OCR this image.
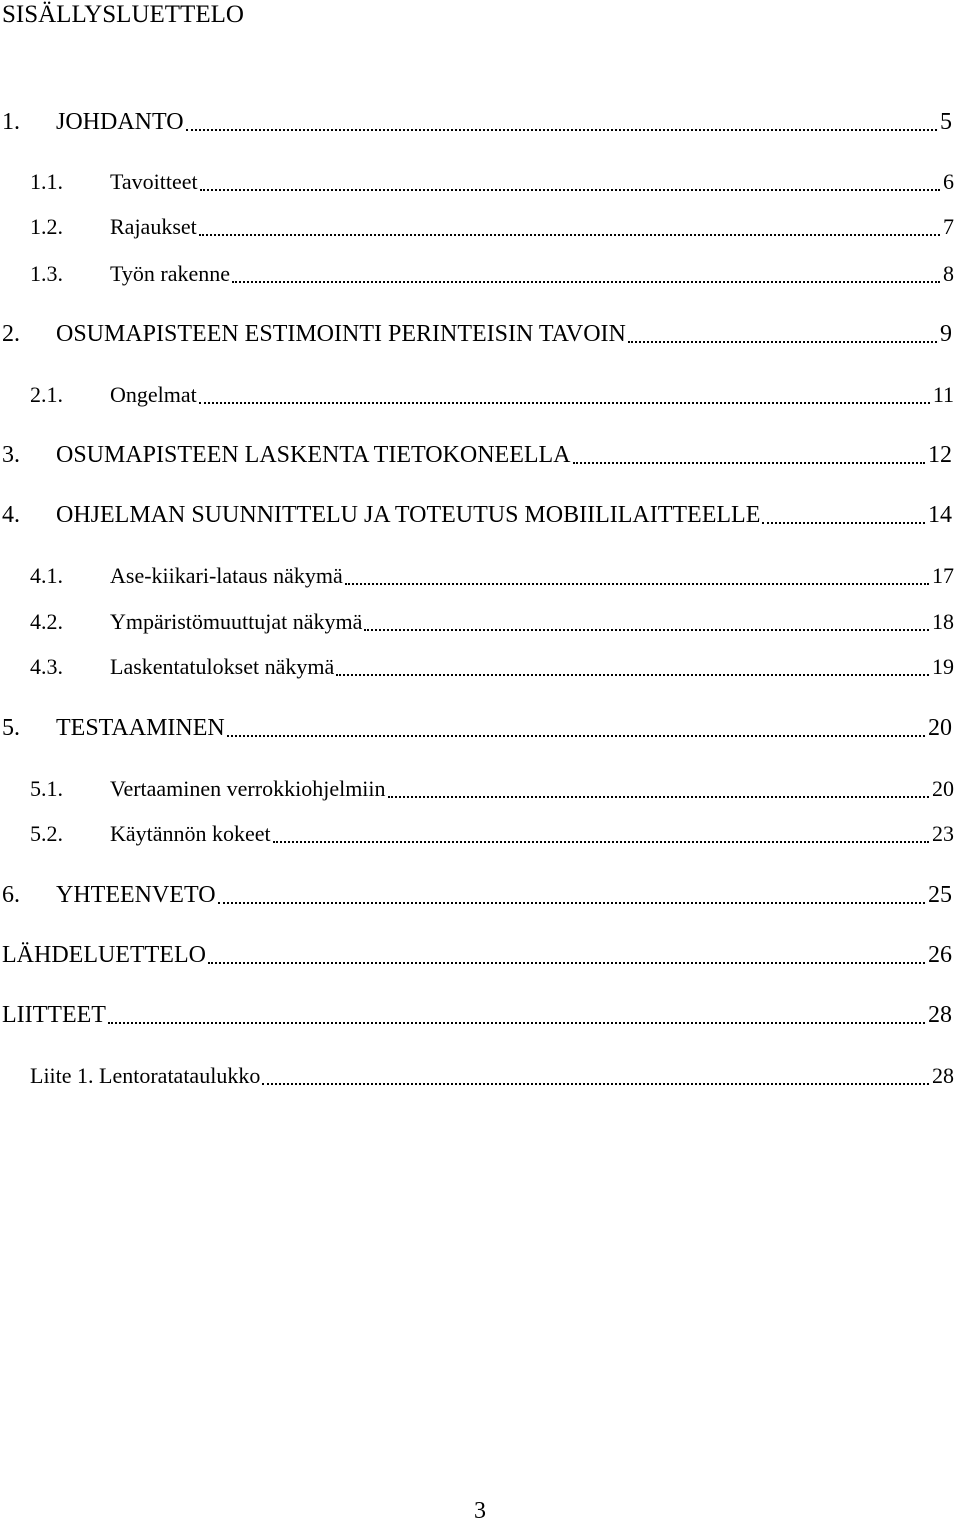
SISÄLLYSLUETTELO
1.	JOHDANTO	5
1.1.	Tavoitteet	6
1.2.	Rajaukset	7
1.3.	Työn rakenne	8
2.	OSUMAPISTEEN ESTIMOINTI PERINTEISIN TAVOIN	9
2.1.	Ongelmat	11
3.	OSUMAPISTEEN LASKENTA TIETOKONEELLA	12
4.	OHJELMAN SUUNNITTELU JA TOTEUTUS MOBIILILAITTEELLE	14
4.1.	Ase-kiikari-lataus näkymä	17
4.2.	Ympäristömuuttujat näkymä	18
4.3.	Laskentatulokset näkymä	19
5.	TESTAAMINEN	20
5.1.	Vertaaminen verrokkiohjelmiin	20
5.2.	Käytännön kokeet	23
6.	YHTEENVETO	25
LÄHDELUETTELO	26
LIITTEET	28
Liite 1. Lentoratataulukko	28
3
